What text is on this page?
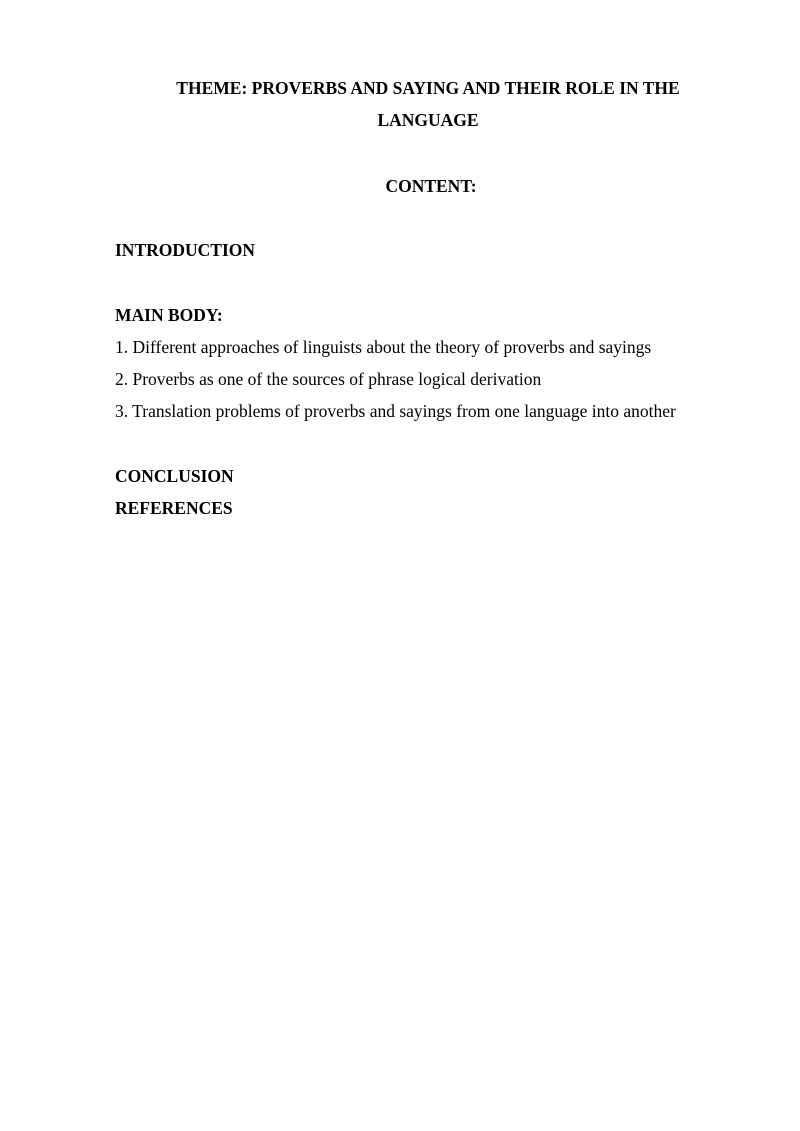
THEME: PROVERBS AND SAYING AND THEIR ROLE IN THE

LANGUAGE

CONTENT:

INTRODUCTION

MAIN BODY:

1. Different approaches of linguists about the theory of proverbs and sayings

2. Proverbs as one of the sources of phrase logical derivation

3. Translation problems of proverbs and sayings from one language into another

CONCLUSION

REFERENCES
